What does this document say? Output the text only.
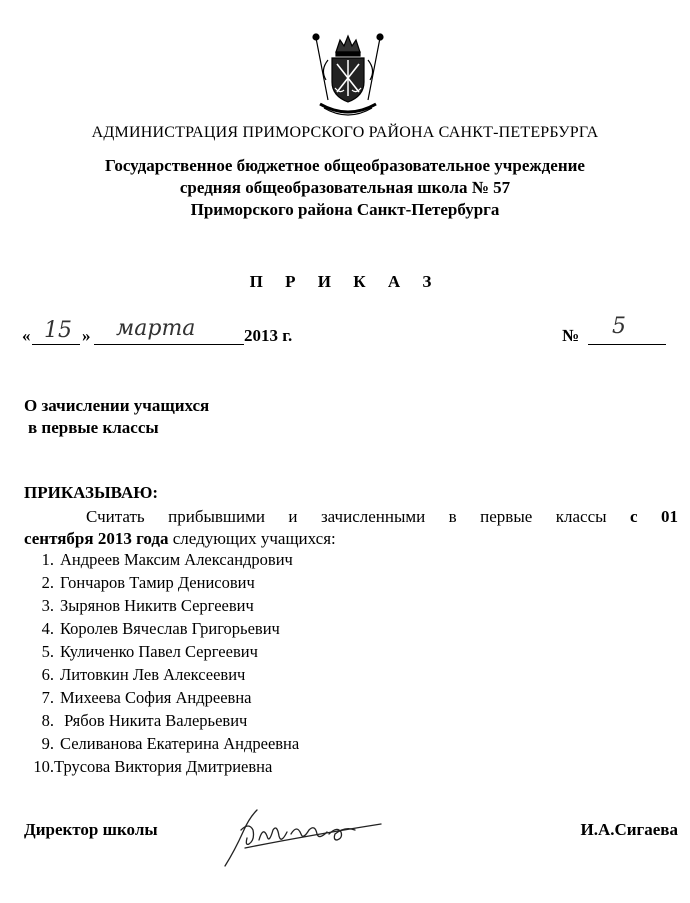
АДМИНИСТРАЦИЯ ПРИМОРСКОГО РАЙОНА САНКТ-ПЕТЕРБУРГА
Государственное бюджетное общеобразовательное учреждение
средняя общеобразовательная школа № 57
Приморского района Санкт-Петербурга
П Р И К А З
« 15 » марта	2013 г.	№ 5
О зачислении учащихся
в первые классы
ПРИКАЗЫВАЮ:
Считать прибывшими и зачисленными в первые классы с 01
сентября 2013 года следующих учащихся:
1. Андреев Максим Александрович
2. Гончаров Тамир Денисович
3. Зырянов Никитв Сергеевич
4. Королев Вячеслав Григорьевич
5. Куличенко Павел Сергеевич
6. Литовкин Лев Алексеевич
7. Михеева София Андреевна
8. Рябов Никита Валерьевич
9. Селиванова Екатерина Андреевна
10. Трусова Виктория Дмитриевна
Директор школы	И.А.Сигаева
